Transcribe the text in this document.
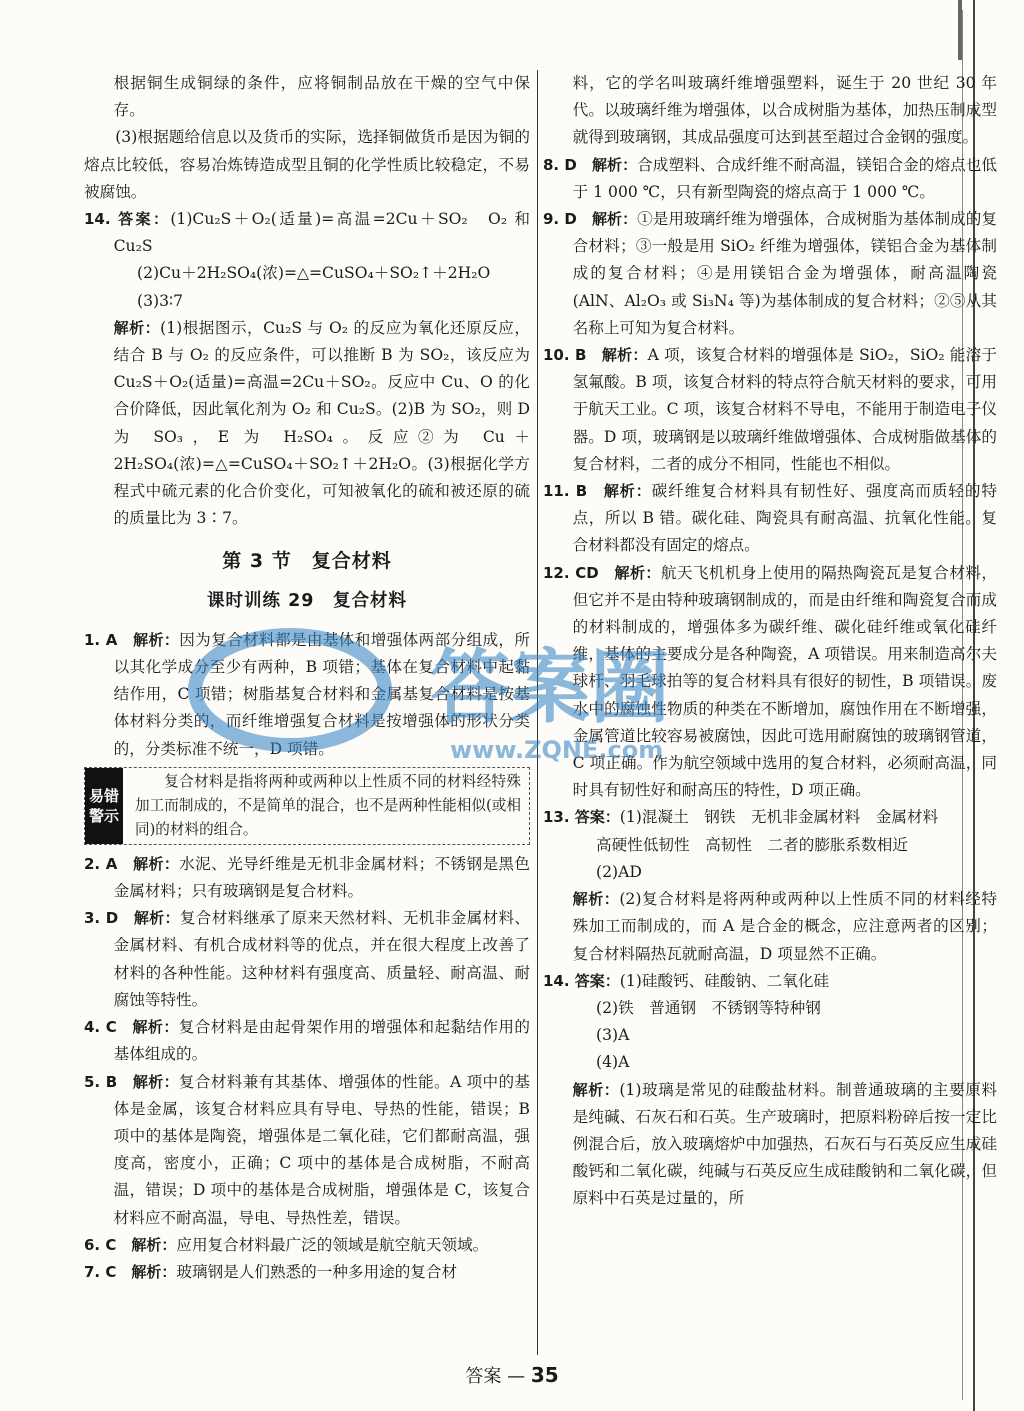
根据铜生成铜绿的条件，应将铜制品放在干燥的空气中保存。

(3)根据题给信息以及货币的实际，选择铜做货币是因为铜的熔点比较低，容易冶炼铸造成型且铜的化学性质比较稳定，不易被腐蚀。

14. 答案：(1)Cu₂S＋O₂(适量)=高温=2Cu＋SO₂　O₂ 和 Cu₂S

(2)Cu＋2H₂SO₄(浓)=△=CuSO₄＋SO₂↑＋2H₂O

(3)3∶7

解析：(1)根据图示，Cu₂S 与 O₂ 的反应为氧化还原反应，结合 B 与 O₂ 的反应条件，可以推断 B 为 SO₂，该反应为 Cu₂S＋O₂(适量)=高温=2Cu＋SO₂。反应中 Cu、O 的化合价降低，因此氧化剂为 O₂ 和 Cu₂S。(2)B 为 SO₂，则 D 为 SO₃，E 为 H₂SO₄。反应②为 Cu＋2H₂SO₄(浓)=△=CuSO₄＋SO₂↑＋2H₂O。(3)根据化学方程式中硫元素的化合价变化，可知被氧化的硫和被还原的硫的质量比为 3∶7。

第 3 节　复合材料
课时训练 29　复合材料

1. A　解析：因为复合材料都是由基体和增强体两部分组成，所以其化学成分至少有两种，B 项错；基体在复合材料中起黏结作用，C 项错；树脂基复合材料和金属基复合材料是按基体材料分类的，而纤维增强复合材料是按增强体的形状分类的，分类标准不统一，D 项错。

易错
警示

复合材料是指将两种或两种以上性质不同的材料经特殊加工而制成的，不是简单的混合，也不是两种性能相似(或相同)的材料的组合。

2. A　解析：水泥、光导纤维是无机非金属材料；不锈钢是黑色金属材料；只有玻璃钢是复合材料。

3. D　解析：复合材料继承了原来天然材料、无机非金属材料、金属材料、有机合成材料等的优点，并在很大程度上改善了材料的各种性能。这种材料有强度高、质量轻、耐高温、耐腐蚀等特性。

4. C　解析：复合材料是由起骨架作用的增强体和起黏结作用的基体组成的。

5. B　解析：复合材料兼有其基体、增强体的性能。A 项中的基体是金属，该复合材料应具有导电、导热的性能，错误；B 项中的基体是陶瓷，增强体是二氧化硅，它们都耐高温，强度高，密度小，正确；C 项中的基体是合成树脂，不耐高温，错误；D 项中的基体是合成树脂，增强体是 C，该复合材料应不耐高温，导电、导热性差，错误。

6. C　解析：应用复合材料最广泛的领域是航空航天领域。

7. C　解析：玻璃钢是人们熟悉的一种多用途的复合材

料，它的学名叫玻璃纤维增强塑料，诞生于 20 世纪 30 年代。以玻璃纤维为增强体，以合成树脂为基体，加热压制成型就得到玻璃钢，其成品强度可达到甚至超过合金钢的强度。

8. D　解析：合成塑料、合成纤维不耐高温，镁铝合金的熔点也低于 1 000 ℃，只有新型陶瓷的熔点高于 1 000 ℃。

9. D　解析：①是用玻璃纤维为增强体，合成树脂为基体制成的复合材料；③一般是用 SiO₂ 纤维为增强体，镁铝合金为基体制成的复合材料；④是用镁铝合金为增强体，耐高温陶瓷(AlN、Al₂O₃ 或 Si₃N₄ 等)为基体制成的复合材料；②⑤从其名称上可知为复合材料。

10. B　解析：A 项，该复合材料的增强体是 SiO₂，SiO₂ 能溶于氢氟酸。B 项，该复合材料的特点符合航天材料的要求，可用于航天工业。C 项，该复合材料不导电，不能用于制造电子仪器。D 项，玻璃钢是以玻璃纤维做增强体、合成树脂做基体的复合材料，二者的成分不相同，性能也不相似。

11. B　解析：碳纤维复合材料具有韧性好、强度高而质轻的特点，所以 B 错。碳化硅、陶瓷具有耐高温、抗氧化性能。复合材料都没有固定的熔点。

12. CD　解析：航天飞机机身上使用的隔热陶瓷瓦是复合材料，但它并不是由特种玻璃钢制成的，而是由纤维和陶瓷复合而成的材料制成的，增强体多为碳纤维、碳化硅纤维或氧化硅纤维，基体的主要成分是各种陶瓷，A 项错误。用来制造高尔夫球杆、羽毛球拍等的复合材料具有很好的韧性，B 项错误。废水中的腐蚀性物质的种类在不断增加，腐蚀作用在不断增强，金属管道比较容易被腐蚀，因此可选用耐腐蚀的玻璃钢管道，C 项正确。作为航空领域中选用的复合材料，必须耐高温，同时具有韧性好和耐高压的特性，D 项正确。

13. 答案：(1)混凝土　钢铁　无机非金属材料　金属材料

高硬性低韧性　高韧性　二者的膨胀系数相近

(2)AD

解析：(2)复合材料是将两种或两种以上性质不同的材料经特殊加工而制成的，而 A 是合金的概念，应注意两者的区别；复合材料隔热瓦就耐高温，D 项显然不正确。

14. 答案：(1)硅酸钙、硅酸钠、二氧化硅

(2)铁　普通钢　不锈钢等特种钢

(3)A

(4)A

解析：(1)玻璃是常见的硅酸盐材料。制普通玻璃的主要原料是纯碱、石灰石和石英。生产玻璃时，把原料粉碎后按一定比例混合后，放入玻璃熔炉中加强热，石灰石与石英反应生成硅酸钙和二氧化碳，纯碱与石英反应生成硅酸钠和二氧化碳，但原料中石英是过量的，所

答案圈
www.ZQNE.com
答案 — 35
